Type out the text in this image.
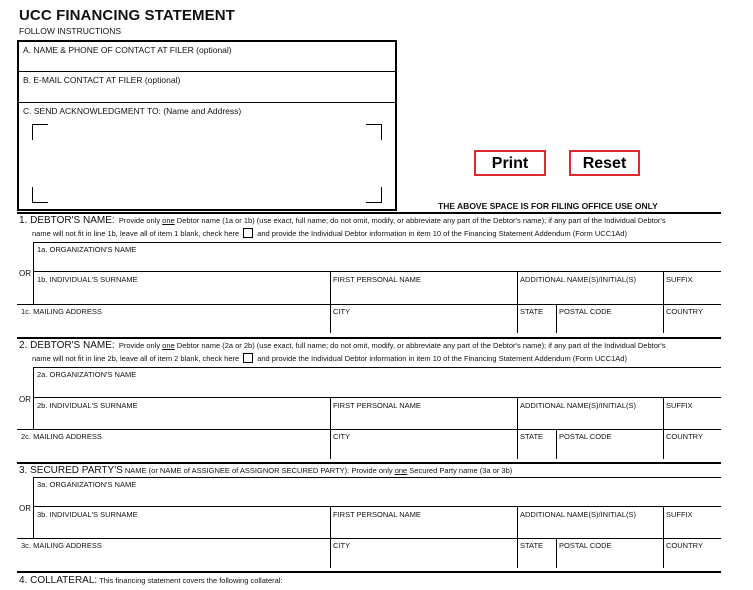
UCC FINANCING STATEMENT
FOLLOW INSTRUCTIONS
A. NAME & PHONE OF CONTACT AT FILER (optional)
B. E-MAIL CONTACT AT FILER (optional)
C. SEND ACKNOWLEDGMENT TO: (Name and Address)
Print	Reset
THE ABOVE SPACE IS FOR FILING OFFICE USE ONLY
1. DEBTOR'S NAME: Provide only one Debtor name (1a or 1b) (use exact, full name; do not omit, modify, or abbreviate any part of the Debtor's name); if any part of the Individual Debtor's
name will not fit in line 1b, leave all of item 1 blank, check here and provide the Individual Debtor information in item 10 of the Financing Statement Addendum (Form UCC1Ad)
1a. ORGANIZATION'S NAME
OR
1b. INDIVIDUAL'S SURNAME	FIRST PERSONAL NAME	ADDITIONAL NAME(S)/INITIAL(S)	SUFFIX
1c. MAILING ADDRESS	CITY	STATE POSTAL CODE	COUNTRY
2. DEBTOR'S NAME: Provide only one Debtor name (2a or 2b) (use exact, full name; do not omit, modify, or abbreviate any part of the Debtor's name); if any part of the Individual Debtor's
name will not fit in line 2b, leave all of item 2 blank, check here and provide the Individual Debtor information in item 10 of the Financing Statement Addendum (Form UCC1Ad)
2a. ORGANIZATION'S NAME
OR
2b. INDIVIDUAL'S SURNAME	FIRST PERSONAL NAME	ADDITIONAL NAME(S)/INITIAL(S)	SUFFIX
2c. MAILING ADDRESS	CITY	STATE POSTAL CODE	COUNTRY
3. SECURED PARTY'S NAME (or NAME of ASSIGNEE of ASSIGNOR SECURED PARTY): Provide only one Secured Party name (3a or 3b)
3a. ORGANIZATION'S NAME
OR
3b. INDIVIDUAL'S SURNAME	FIRST PERSONAL NAME	ADDITIONAL NAME(S)/INITIAL(S)	SUFFIX
3c. MAILING ADDRESS	CITY	STATE POSTAL CODE	COUNTRY
4. COLLATERAL: This financing statement covers the following collateral:
